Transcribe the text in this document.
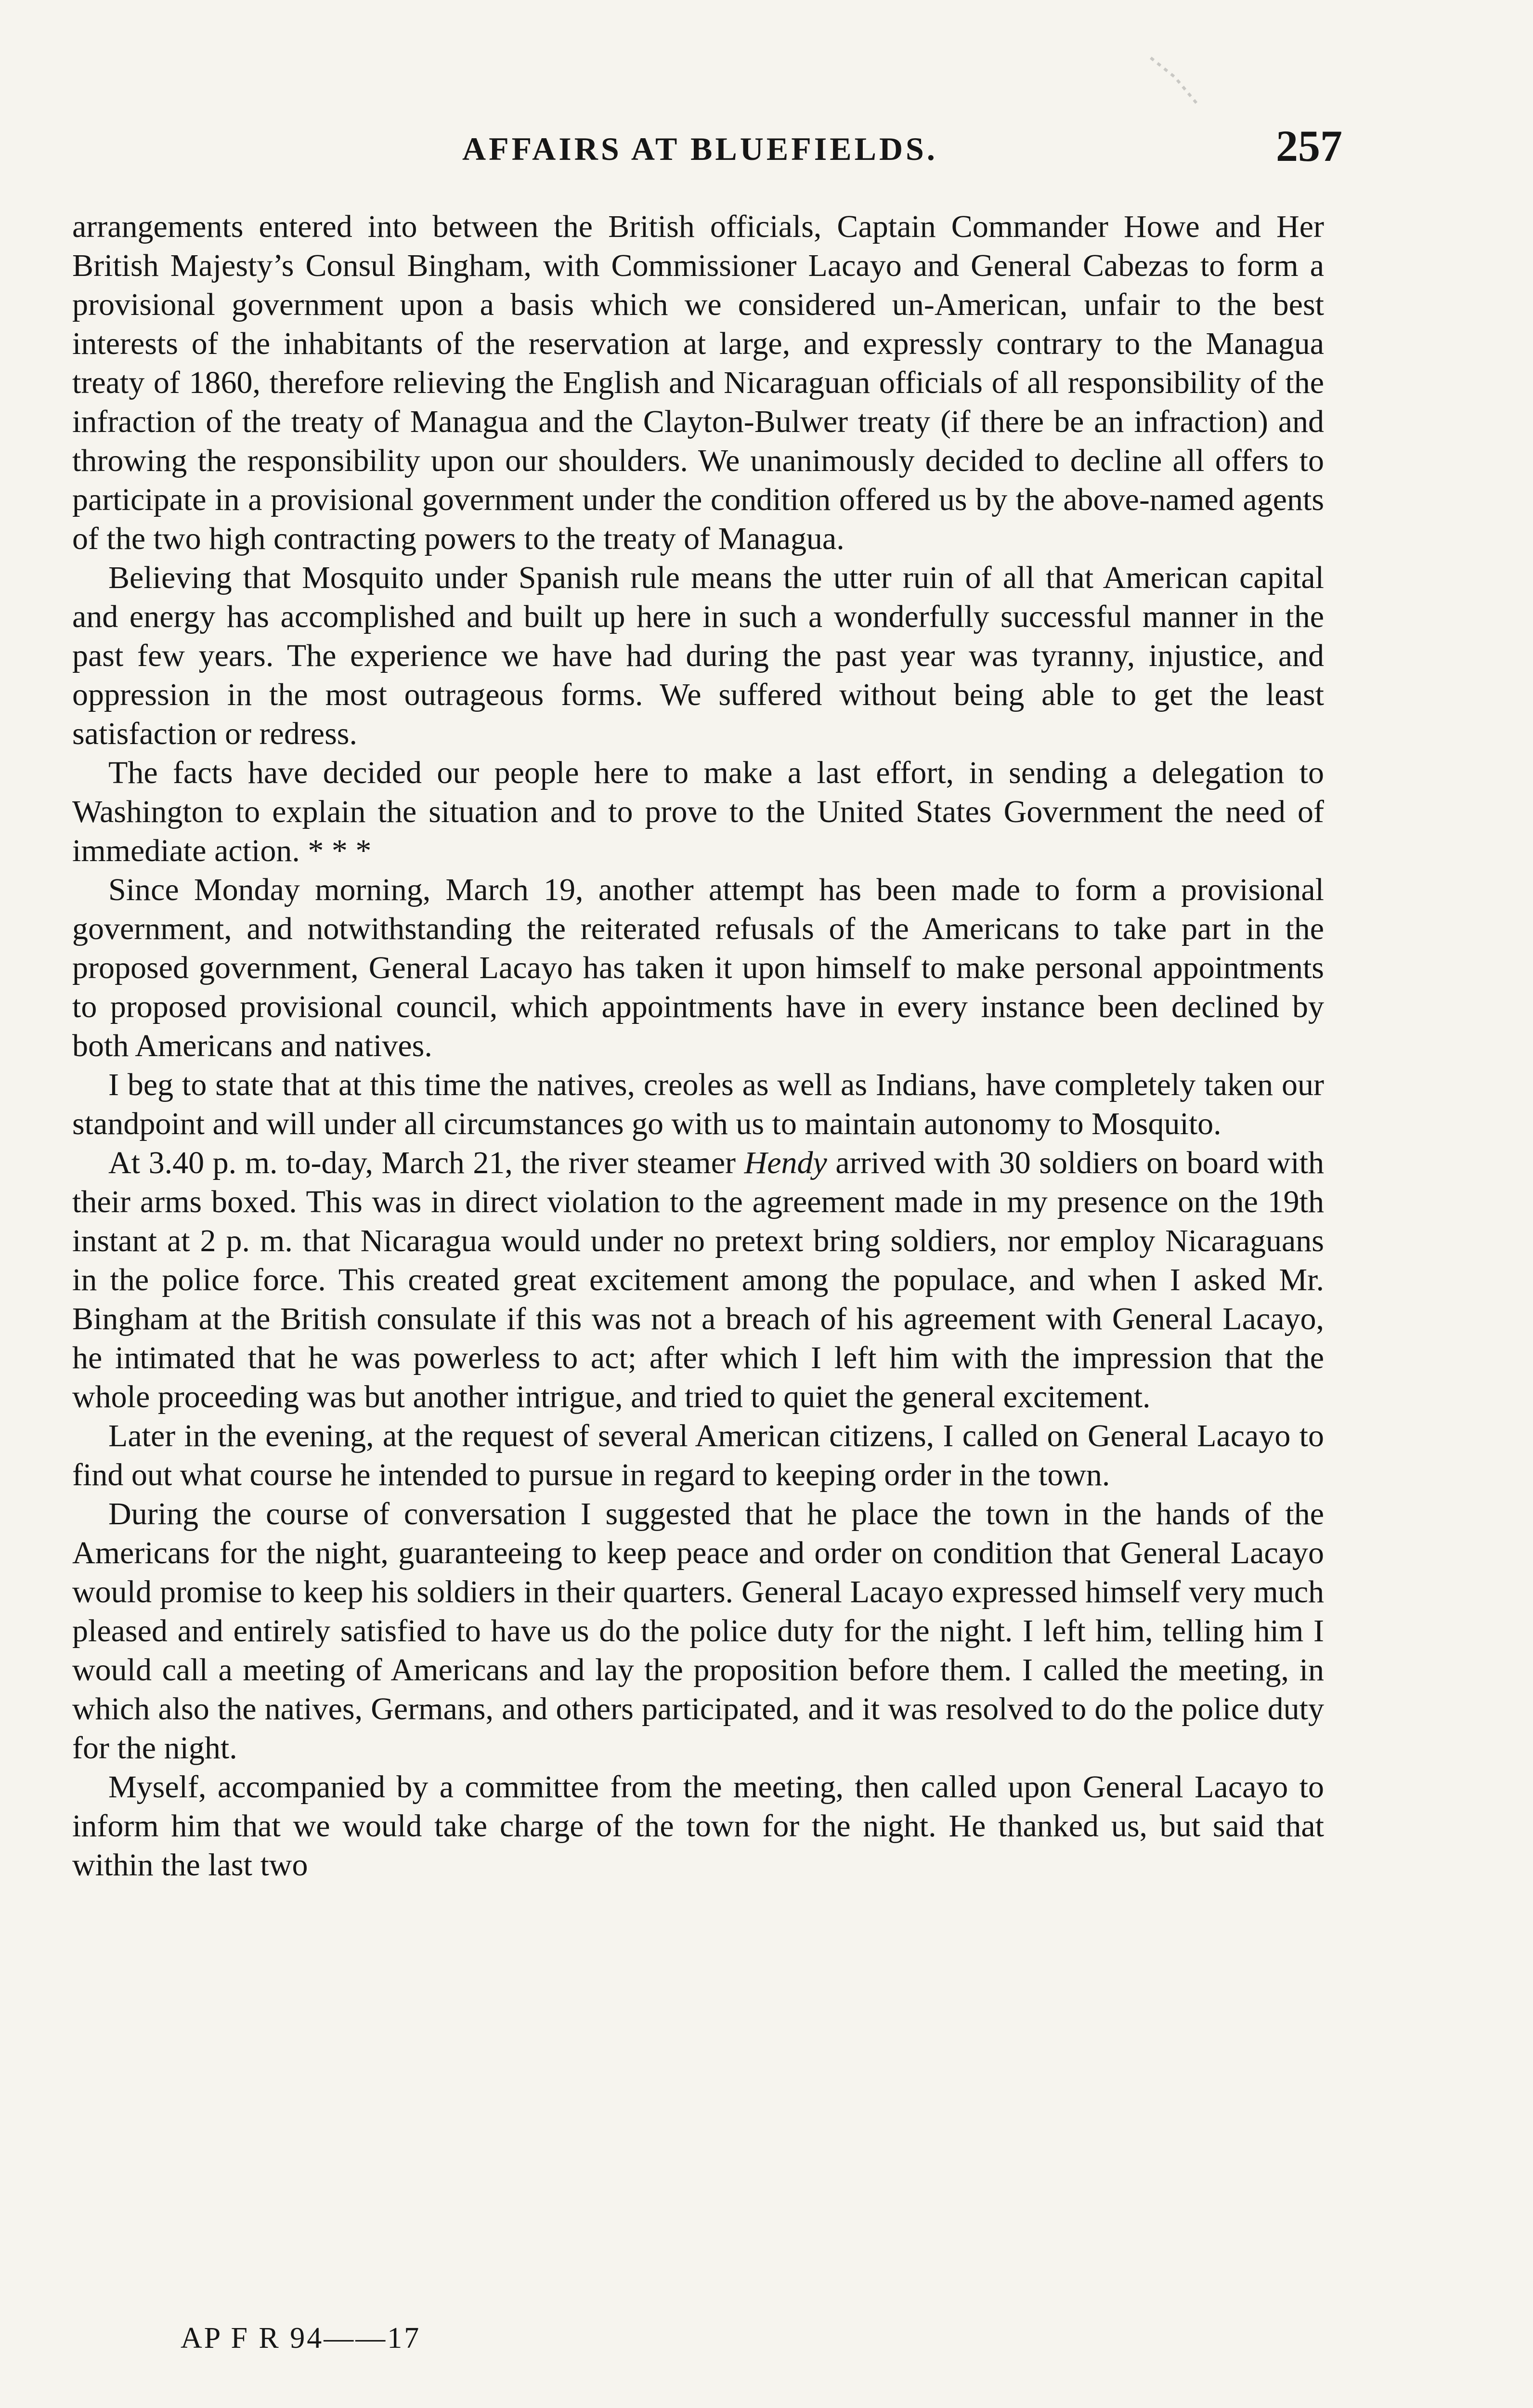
AFFAIRS AT BLUEFIELDS.	257

arrangements entered into between the British officials, Captain Commander Howe and Her British Majesty’s Consul Bingham, with Commissioner Lacayo and General Cabezas to form a provisional government upon a basis which we considered un-American, unfair to the best interests of the inhabitants of the reservation at large, and expressly contrary to the Managua treaty of 1860, therefore relieving the English and Nicaraguan officials of all responsibility of the infraction of the treaty of Managua and the Clayton-Bulwer treaty (if there be an infraction) and throwing the responsibility upon our shoulders. We unanimously decided to decline all offers to participate in a provisional government under the condition offered us by the above-named agents of the two high contracting powers to the treaty of Managua.

Believing that Mosquito under Spanish rule means the utter ruin of all that American capital and energy has accomplished and built up here in such a wonderfully successful manner in the past few years. The experience we have had during the past year was tyranny, injustice, and oppression in the most outrageous forms. We suffered without being able to get the least satisfaction or redress.

The facts have decided our people here to make a last effort, in sending a delegation to Washington to explain the situation and to prove to the United States Government the need of immediate action. * * *

Since Monday morning, March 19, another attempt has been made to form a provisional government, and notwithstanding the reiterated refusals of the Americans to take part in the proposed government, General Lacayo has taken it upon himself to make personal appointments to proposed provisional council, which appointments have in every instance been declined by both Americans and natives.

I beg to state that at this time the natives, creoles as well as Indians, have completely taken our standpoint and will under all circumstances go with us to maintain autonomy to Mosquito.

At 3.40 p. m. to-day, March 21, the river steamer Hendy arrived with 30 soldiers on board with their arms boxed. This was in direct violation to the agreement made in my presence on the 19th instant at 2 p. m. that Nicaragua would under no pretext bring soldiers, nor employ Nicaraguans in the police force. This created great excitement among the populace, and when I asked Mr. Bingham at the British consulate if this was not a breach of his agreement with General Lacayo, he intimated that he was powerless to act; after which I left him with the impression that the whole proceeding was but another intrigue, and tried to quiet the general excitement.

Later in the evening, at the request of several American citizens, I called on General Lacayo to find out what course he intended to pursue in regard to keeping order in the town.

During the course of conversation I suggested that he place the town in the hands of the Americans for the night, guaranteeing to keep peace and order on condition that General Lacayo would promise to keep his soldiers in their quarters. General Lacayo expressed himself very much pleased and entirely satisfied to have us do the police duty for the night. I left him, telling him I would call a meeting of Americans and lay the proposition before them. I called the meeting, in which also the natives, Germans, and others participated, and it was resolved to do the police duty for the night.

Myself, accompanied by a committee from the meeting, then called upon General Lacayo to inform him that we would take charge of the town for the night. He thanked us, but said that within the last two

AP F R 94——17
